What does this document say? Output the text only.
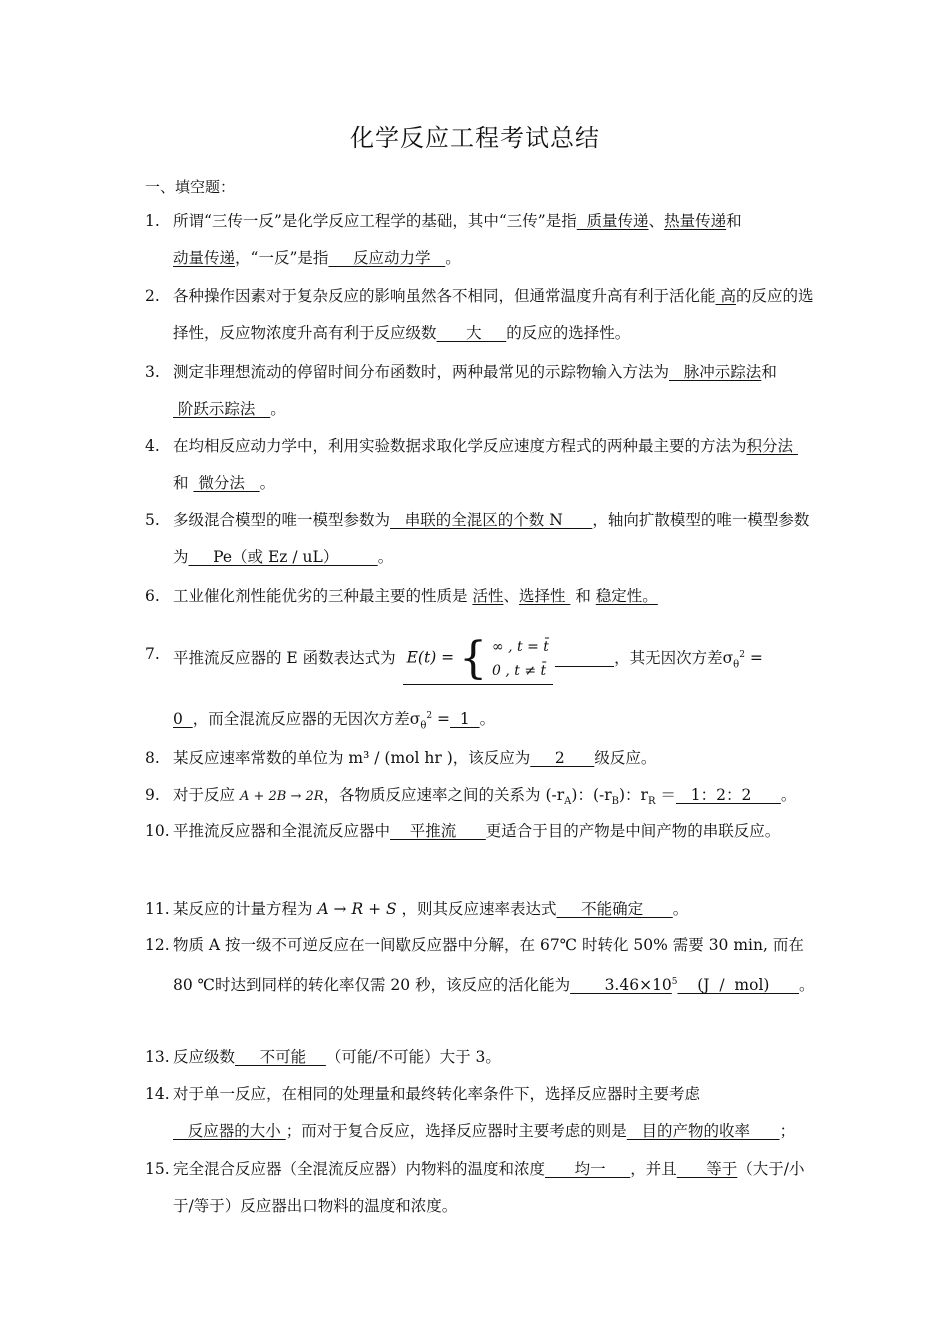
化学反应工程考试总结
一、填空题：
1. 所谓“三传一反”是化学反应工程学的基础，其中“三传”是指  质量传递、热量传递和动量传递，“一反”是指     反应动力学   。
2. 各种操作因素对于复杂反应的影响虽然各不相同，但通常温度升高有利于活化能 高的反应的选择性，反应物浓度升高有利于反应级数      大     的反应的选择性。
3. 测定非理想流动的停留时间分布函数时，两种最常见的示踪物输入方法为   脉冲示踪法和 阶跃示踪法   。
4. 在均相反应动力学中，利用实验数据求取化学反应速度方程式的两种最主要的方法为积分法  和  微分法   。
5. 多级混合模型的唯一模型参数为   串联的全混区的个数 N      ，轴向扩散模型的唯一模型参数为     Pe（或 Ez / uL）        。
6. 工业催化剂性能优劣的三种最主要的性质是 活性、选择性  和 稳定性。
7. 平推流反应器的 E 函数表达式为 E(t) = { ∞ , t = t̄
0 , t ≠ t̄            ，其无因次方差$\sigma_\theta^2$ =
0  ，而全混流反应器的无因次方差$\sigma_\theta^2 = 1$  。
8. 某反应速率常数的单位为 m³ / (mol hr )，该反应为     2      级反应。
9. 对于反应 A + 2B → 2R，各物质反应速率之间的关系为 $(-r_A)$：$(-r_B)$：$r_R = 1$：2：2      。
10. 平推流反应器和全混流反应器中    平推流      更适合于目的产物是中间产物的串联反应。
11. 某反应的计量方程为 A → R + S ，则其反应速率表达式     不能确定      。
12. 物质 A 按一级不可逆反应在一间歇反应器中分解，在 67℃ 时转化 50% 需要 30 min, 而在 80 ℃时达到同样的转化率仅需 20 秒，该反应的活化能为       $3.46\times 10^5$    (J  /  mol)      。
13. 反应级数     不可能    （可能/不可能）大于 3。
14. 对于单一反应，在相同的处理量和最终转化率条件下，选择反应器时主要考虑   反应器的大小 ；而对于复合反应，选择反应器时主要考虑的则是   目的产物的收率      ；
15. 完全混合反应器（全混流反应器）内物料的温度和浓度      均一     ，并且      等于（大于/小于/等于）反应器出口物料的温度和浓度。
